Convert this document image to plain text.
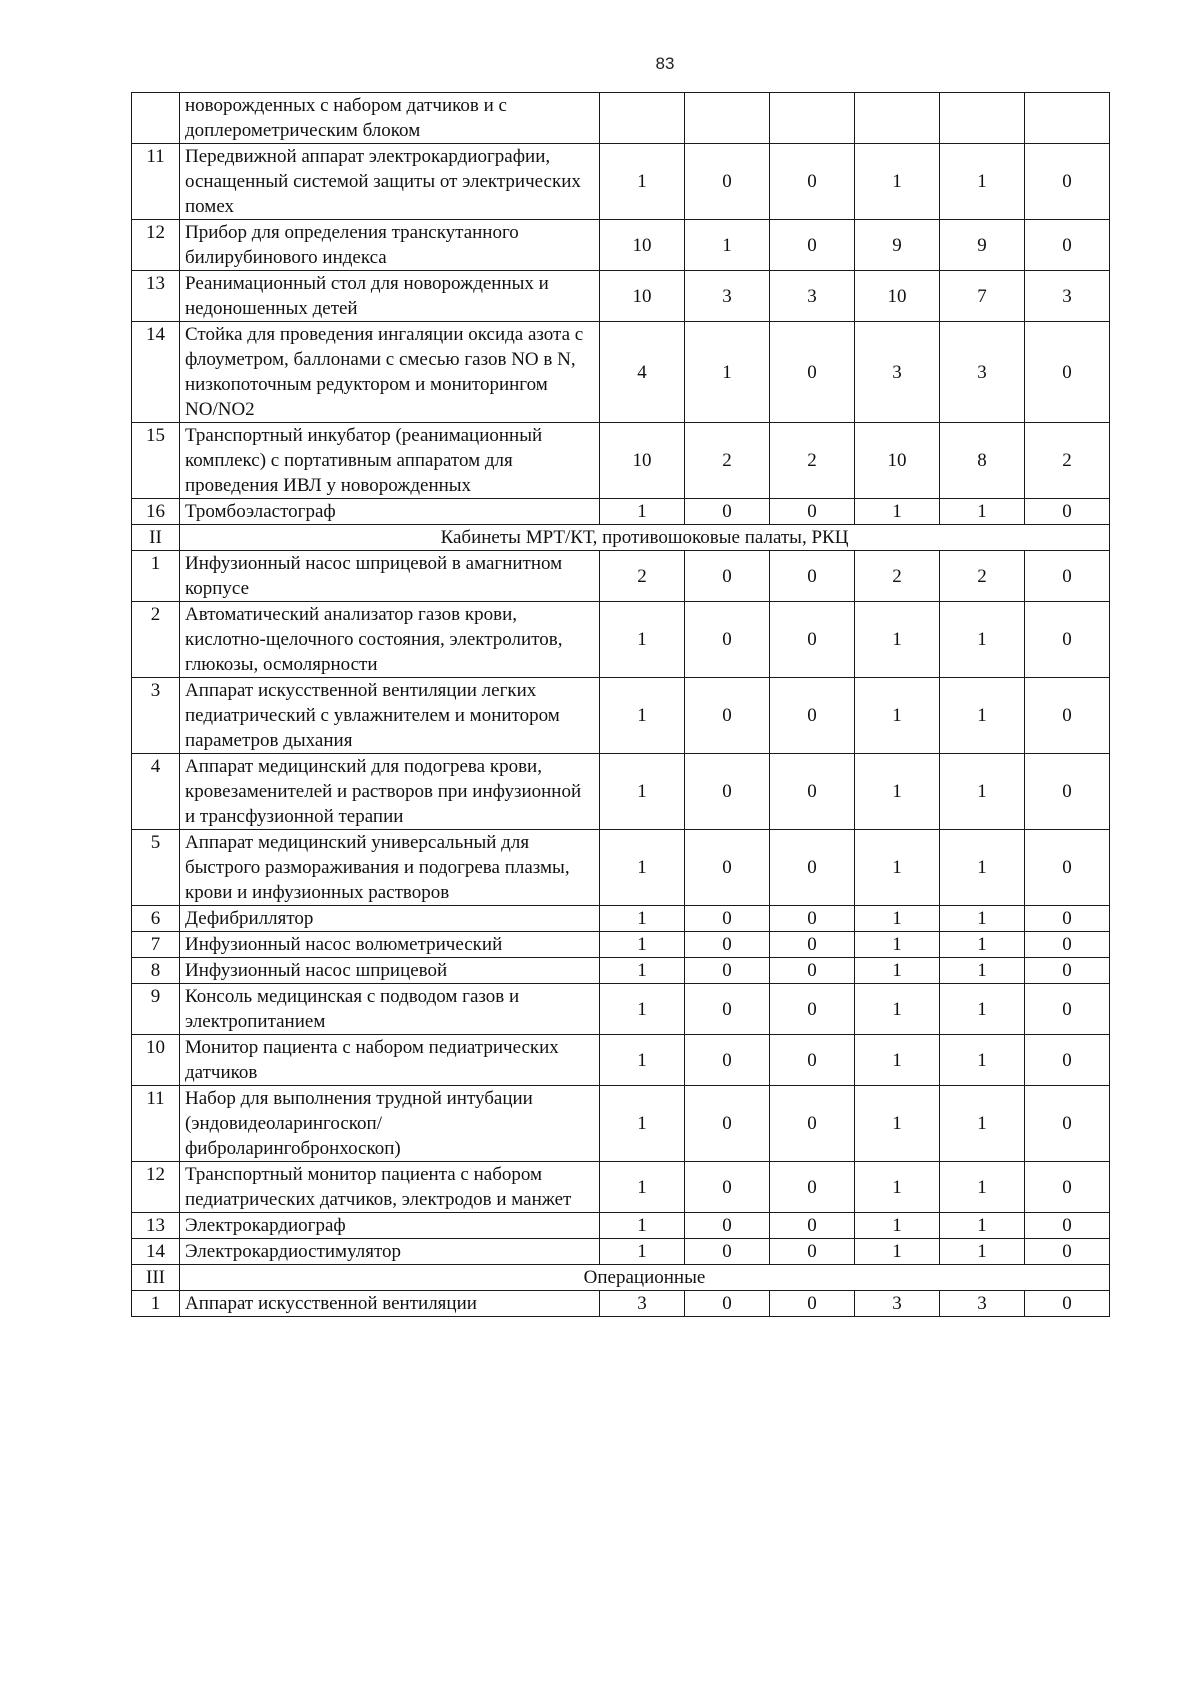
83
	новорожденных с набором датчиков и с доплерометрическим блоком						
11	Передвижной аппарат электрокардиографии, оснащенный системой защиты от электрических помех	1	0	0	1	1	0
12	Прибор для определения транскутанного билирубинового индекса	10	1	0	9	9	0
13	Реанимационный стол для новорожденных и недоношенных детей	10	3	3	10	7	3
14	Стойка для проведения ингаляции оксида азота с флоуметром, баллонами с смесью газов NO в N, низкопоточным редуктором и мониторингом NO/NO2	4	1	0	3	3	0
15	Транспортный инкубатор (реанимационный комплекс) с портативным аппаратом для проведения ИВЛ у новорожденных	10	2	2	10	8	2
16	Тромбоэластограф	1	0	0	1	1	0
II	Кабинеты МРТ/КТ, противошоковые палаты, РКЦ						
1	Инфузионный насос шприцевой в амагнитном корпусе	2	0	0	2	2	0
2	Автоматический анализатор газов крови, кислотно-щелочного состояния, электролитов, глюкозы, осмолярности	1	0	0	1	1	0
3	Аппарат искусственной вентиляции легких педиатрический с увлажнителем и монитором параметров дыхания	1	0	0	1	1	0
4	Аппарат медицинский для подогрева крови, кровезаменителей и растворов при инфузионной и трансфузионной терапии	1	0	0	1	1	0
5	Аппарат медицинский универсальный для быстрого размораживания и подогрева плазмы, крови и инфузионных растворов	1	0	0	1	1	0
6	Дефибриллятор	1	0	0	1	1	0
7	Инфузионный насос волюметрический	1	0	0	1	1	0
8	Инфузионный насос шприцевой	1	0	0	1	1	0
9	Консоль медицинская с подводом газов и электропитанием	1	0	0	1	1	0
10	Монитор пациента с набором педиатрических датчиков	1	0	0	1	1	0
11	Набор для выполнения трудной интубации (эндовидеоларингоскоп/фиброларингобронхоскоп)	1	0	0	1	1	0
12	Транспортный монитор пациента с набором педиатрических датчиков, электродов и манжет	1	0	0	1	1	0
13	Электрокардиограф	1	0	0	1	1	0
14	Электрокардиостимулятор	1	0	0	1	1	0
III	Операционные						
1	Аппарат искусственной вентиляции	3	0	0	3	3	0
